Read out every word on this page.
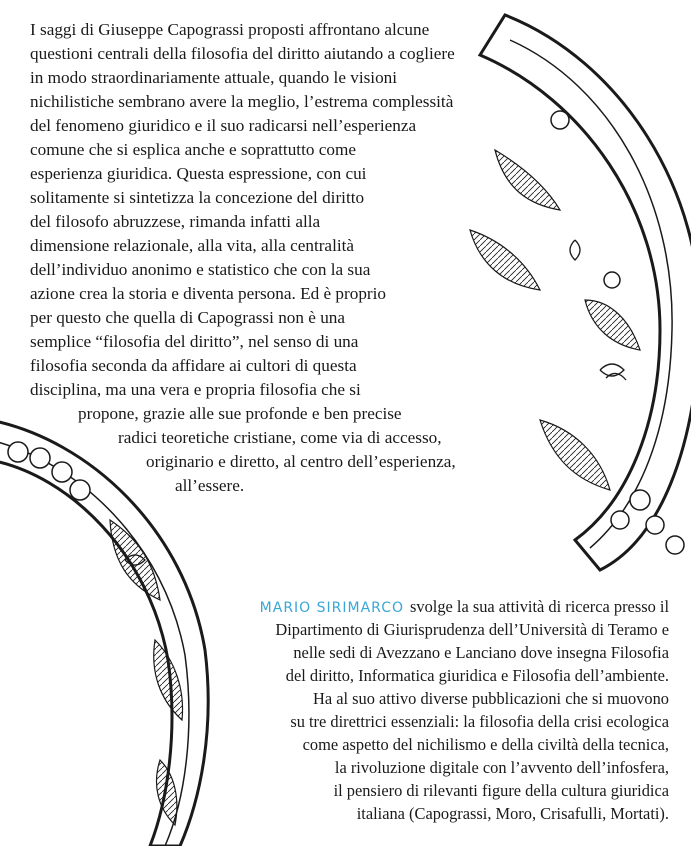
I saggi di Giuseppe Capograssi proposti affrontano alcune
questioni centrali della filosofia del diritto aiutando a cogliere
in modo straordinariamente attuale, quando le visioni
nichilistiche sembrano avere la meglio, l’estrema complessità
del fenomeno giuridico e il suo radicarsi nell’esperienza
comune che si esplica anche e soprattutto come
esperienza giuridica. Questa espressione, con cui
solitamente si sintetizza la concezione del diritto
del filosofo abruzzese, rimanda infatti alla
dimensione relazionale, alla vita, alla centralità
dell’individuo anonimo e statistico che con la sua
azione crea la storia e diventa persona. Ed è proprio
per questo che quella di Capograssi non è una
semplice “filosofia del diritto”, nel senso di una
filosofia seconda da affidare ai cultori di questa
disciplina, ma una vera e propria filosofia che si
propone, grazie alle sue profonde e ben precise
radici teoretiche cristiane, come via di accesso,
originario e diretto, al centro dell’esperienza,
all’essere.
MARIO SIRIMARCO svolge la sua attività di ricerca presso il
Dipartimento di Giurisprudenza dell’Università di Teramo e
nelle sedi di Avezzano e Lanciano dove insegna Filosofia
del diritto, Informatica giuridica e Filosofia dell’ambiente.
Ha al suo attivo diverse pubblicazioni che si muovono
su tre direttrici essenziali: la filosofia della crisi ecologica
come aspetto del nichilismo e della civiltà della tecnica,
la rivoluzione digitale con l’avvento dell’infosfera,
il pensiero di rilevanti figure della cultura giuridica
italiana (Capograssi, Moro, Crisafulli, Mortati).
